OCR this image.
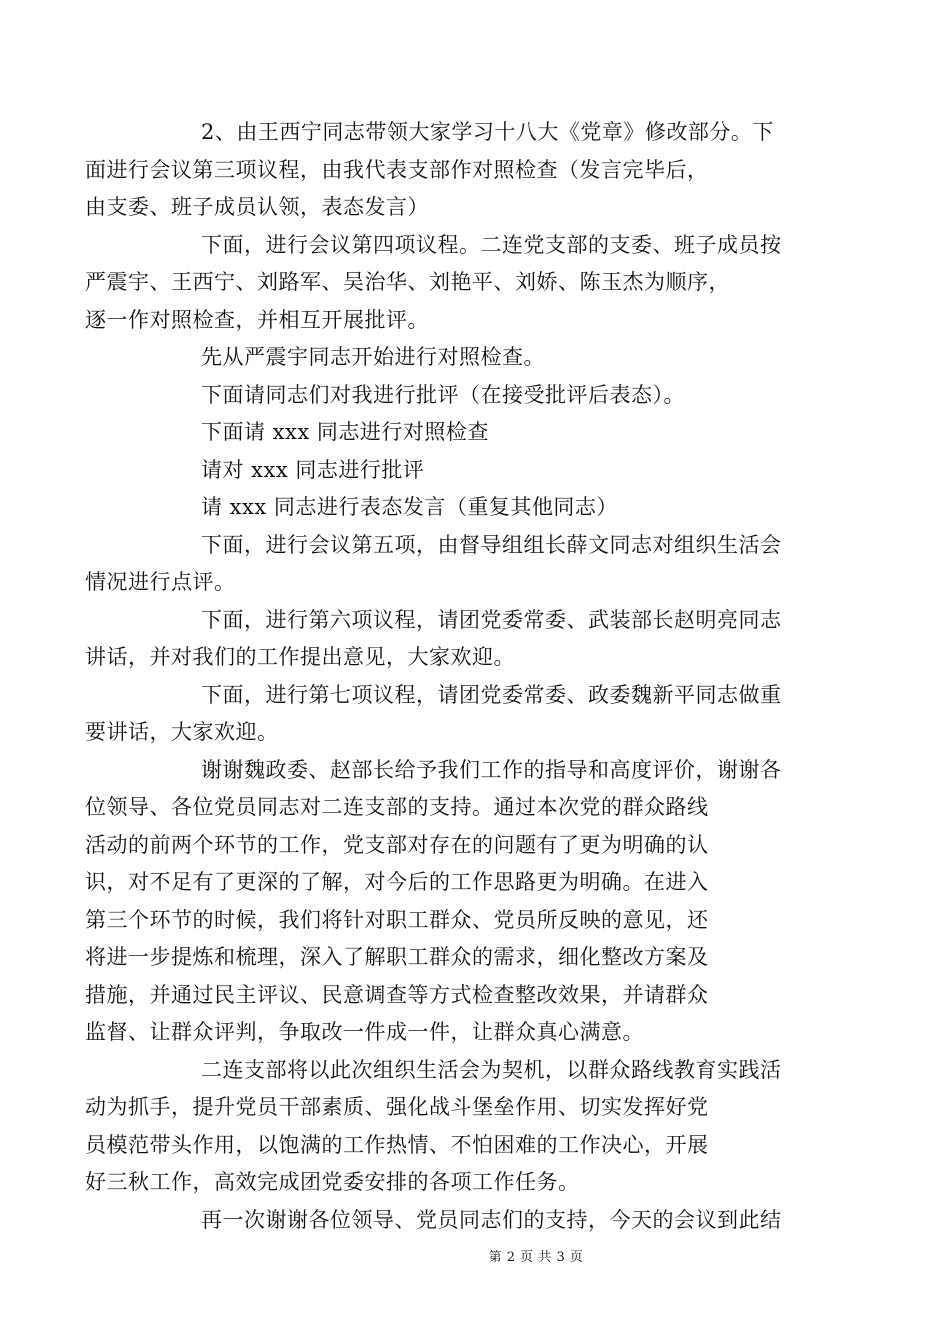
2、由王西宁同志带领大家学习十八大《党章》修改部分。下
面进行会议第三项议程，由我代表支部作对照检查（发言完毕后，
由支委、班子成员认领，表态发言）

下面，进行会议第四项议程。二连党支部的支委、班子成员按
严震宇、王西宁、刘路军、吴治华、刘艳平、刘娇、陈玉杰为顺序，
逐一作对照检查，并相互开展批评。

先从严震宇同志开始进行对照检查。

下面请同志们对我进行批评（在接受批评后表态）。

下面请 xxx 同志进行对照检查

请对 xxx 同志进行批评

请 xxx 同志进行表态发言（重复其他同志）

下面，进行会议第五项，由督导组组长薛文同志对组织生活会
情况进行点评。

下面，进行第六项议程，请团党委常委、武装部长赵明亮同志
讲话，并对我们的工作提出意见，大家欢迎。

下面，进行第七项议程，请团党委常委、政委魏新平同志做重
要讲话，大家欢迎。

谢谢魏政委、赵部长给予我们工作的指导和高度评价，谢谢各
位领导、各位党员同志对二连支部的支持。通过本次党的群众路线
活动的前两个环节的工作，党支部对存在的问题有了更为明确的认
识，对不足有了更深的了解，对今后的工作思路更为明确。在进入
第三个环节的时候，我们将针对职工群众、党员所反映的意见，还
将进一步提炼和梳理，深入了解职工群众的需求，细化整改方案及
措施，并通过民主评议、民意调查等方式检查整改效果，并请群众
监督、让群众评判，争取改一件成一件，让群众真心满意。

二连支部将以此次组织生活会为契机，以群众路线教育实践活
动为抓手，提升党员干部素质、强化战斗堡垒作用、切实发挥好党
员模范带头作用，以饱满的工作热情、不怕困难的工作决心，开展
好三秋工作，高效完成团党委安排的各项工作任务。

再一次谢谢各位领导、党员同志们的支持，今天的会议到此结

第 2 页 共 3 页
